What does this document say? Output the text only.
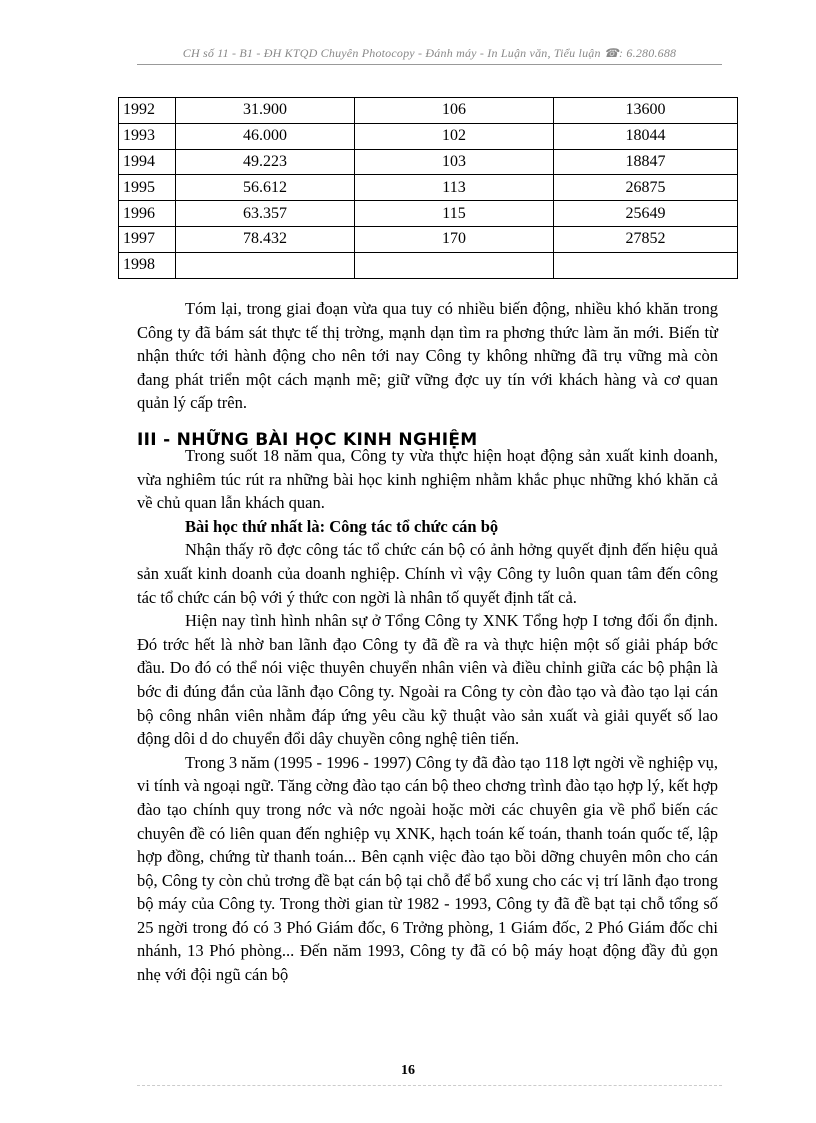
CH số 11 - B1 - ĐH KTQD Chuyên Photocopy - Đánh máy - In Luận văn, Tiểu luận ☎: 6.280.688
1992	31.900	106	13600
1993	46.000	102	18044
1994	49.223	103	18847
1995	56.612	113	26875
1996	63.357	115	25649
1997	78.432	170	27852
1998			

Tóm lại, trong giai đoạn vừa qua tuy có nhiều biến động, nhiều khó khăn trong Công ty đã bám sát thực tế thị trờng, mạnh dạn tìm ra phơng thức làm ăn mới. Biến từ nhận thức tới hành động cho nên tới nay Công ty không những đã trụ vững mà còn đang phát triển một cách mạnh mẽ; giữ vững đợc uy tín với khách hàng và cơ quan quản lý cấp trên.

III - NHỮNG BÀI HỌC KINH NGHIỆM

Trong suốt 18 năm qua, Công ty vừa thực hiện hoạt động sản xuất kinh doanh, vừa nghiêm túc rút ra những bài học kinh nghiệm nhằm khắc phục những khó khăn cả về chủ quan lẫn khách quan.

Bài học thứ nhất là: Công tác tổ chức cán bộ

Nhận thấy rõ đợc công tác tổ chức cán bộ có ảnh hởng quyết định đến hiệu quả sản xuất kinh doanh của doanh nghiệp. Chính vì vậy Công ty luôn quan tâm đến công tác tổ chức cán bộ với ý thức con ngời là nhân tố quyết định tất cả.

Hiện nay tình hình nhân sự ở Tổng Công ty XNK Tổng hợp I tơng đối ổn định. Đó trớc hết là nhờ ban lãnh đạo Công ty đã đề ra và thực hiện một số giải pháp bớc đầu. Do đó có thể nói việc thuyên chuyển nhân viên và điều chỉnh giữa các bộ phận là bớc đi đúng đắn của lãnh đạo Công ty. Ngoài ra Công ty còn đào tạo và đào tạo lại cán bộ công nhân viên nhằm đáp ứng yêu cầu kỹ thuật vào sản xuất và giải quyết số lao động dôi d do chuyển đổi dây chuyền công nghệ tiên tiến.

Trong 3 năm (1995 - 1996 - 1997) Công ty đã đào tạo 118 lợt ngời về nghiệp vụ, vi tính và ngoại ngữ. Tăng cờng đào tạo cán bộ theo chơng trình đào tạo hợp lý, kết hợp đào tạo chính quy trong nớc và nớc ngoài hoặc mời các chuyên gia về phổ biến các chuyên đề có liên quan đến nghiệp vụ XNK, hạch toán kế toán, thanh toán quốc tế, lập hợp đồng, chứng từ thanh toán... Bên cạnh việc đào tạo bồi dỡng chuyên môn cho cán bộ, Công ty còn chủ trơng đề bạt cán bộ tại chỗ để bổ xung cho các vị trí lãnh đạo trong bộ máy của Công ty. Trong thời gian từ 1982 - 1993, Công ty đã đề bạt tại chỗ tổng số 25 ngời trong đó có 3 Phó Giám đốc, 6 Trởng phòng, 1 Giám đốc, 2 Phó Giám đốc chi nhánh, 13 Phó phòng... Đến năm 1993, Công ty đã có bộ máy hoạt động đầy đủ gọn nhẹ với đội ngũ cán bộ

16
